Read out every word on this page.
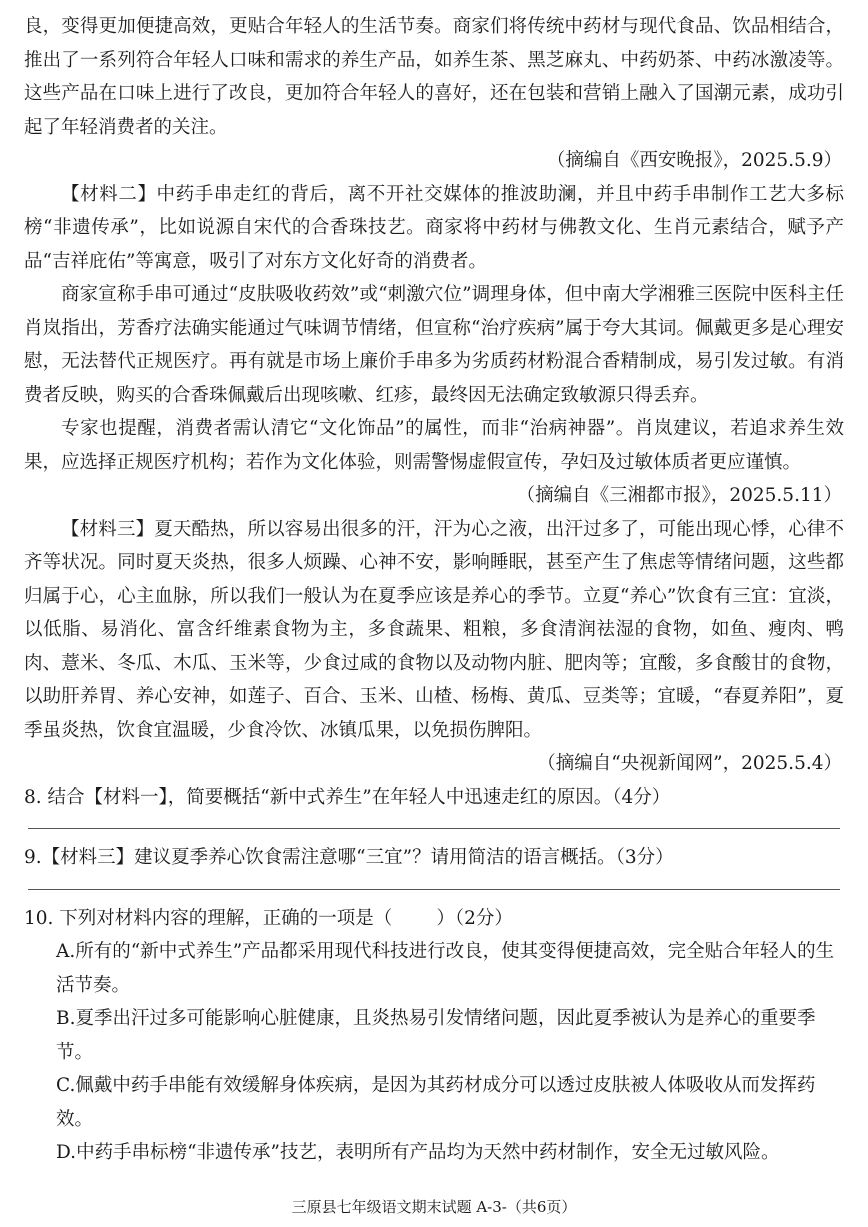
良，变得更加便捷高效，更贴合年轻人的生活节奏。商家们将传统中药材与现代食品、饮品相结合，推出了一系列符合年轻人口味和需求的养生产品，如养生茶、黑芝麻丸、中药奶茶、中药冰激凌等。这些产品在口味上进行了改良，更加符合年轻人的喜好，还在包装和营销上融入了国潮元素，成功引起了年轻消费者的关注。

（摘编自《西安晚报》，2025.5.9）

【材料二】中药手串走红的背后，离不开社交媒体的推波助澜，并且中药手串制作工艺大多标榜“非遗传承”，比如说源自宋代的合香珠技艺。商家将中药材与佛教文化、生肖元素结合，赋予产品“吉祥庇佑”等寓意，吸引了对东方文化好奇的消费者。

商家宣称手串可通过“皮肤吸收药效”或“刺激穴位”调理身体，但中南大学湘雅三医院中医科主任肖岚指出，芳香疗法确实能通过气味调节情绪，但宣称“治疗疾病”属于夸大其词。佩戴更多是心理安慰，无法替代正规医疗。再有就是市场上廉价手串多为劣质药材粉混合香精制成，易引发过敏。有消费者反映，购买的合香珠佩戴后出现咳嗽、红疹，最终因无法确定致敏源只得丢弃。

专家也提醒，消费者需认清它“文化饰品”的属性，而非“治病神器”。肖岚建议，若追求养生效果，应选择正规医疗机构；若作为文化体验，则需警惕虚假宣传，孕妇及过敏体质者更应谨慎。

（摘编自《三湘都市报》，2025.5.11）

【材料三】夏天酷热，所以容易出很多的汗，汗为心之液，出汗过多了，可能出现心悸，心律不齐等状况。同时夏天炎热，很多人烦躁、心神不安，影响睡眠，甚至产生了焦虑等情绪问题，这些都归属于心，心主血脉，所以我们一般认为在夏季应该是养心的季节。立夏“养心”饮食有三宜：宜淡，以低脂、易消化、富含纤维素食物为主，多食蔬果、粗粮，多食清润祛湿的食物，如鱼、瘦肉、鸭肉、薏米、冬瓜、木瓜、玉米等，少食过咸的食物以及动物内脏、肥肉等；宜酸，多食酸甘的食物，以助肝养胃、养心安神，如莲子、百合、玉米、山楂、杨梅、黄瓜、豆类等；宜暖，“春夏养阳”，夏季虽炎热，饮食宜温暖，少食冷饮、冰镇瓜果，以免损伤脾阳。

（摘编自“央视新闻网”，2025.5.4）

8. 结合【材料一】，简要概括“新中式养生”在年轻人中迅速走红的原因。（4分）

9.【材料三】建议夏季养心饮食需注意哪“三宜”？请用简洁的语言概括。（3分）

10. 下列对材料内容的理解，正确的一项是（ ）（2分）

A.所有的“新中式养生”产品都采用现代科技进行改良，使其变得便捷高效，完全贴合年轻人的生活节奏。

B.夏季出汗过多可能影响心脏健康，且炎热易引发情绪问题，因此夏季被认为是养心的重要季节。

C.佩戴中药手串能有效缓解身体疾病，是因为其药材成分可以透过皮肤被人体吸收从而发挥药效。

D.中药手串标榜“非遗传承”技艺，表明所有产品均为天然中药材制作，安全无过敏风险。

三原县七年级语文期末试题 A-3-（共6页）
